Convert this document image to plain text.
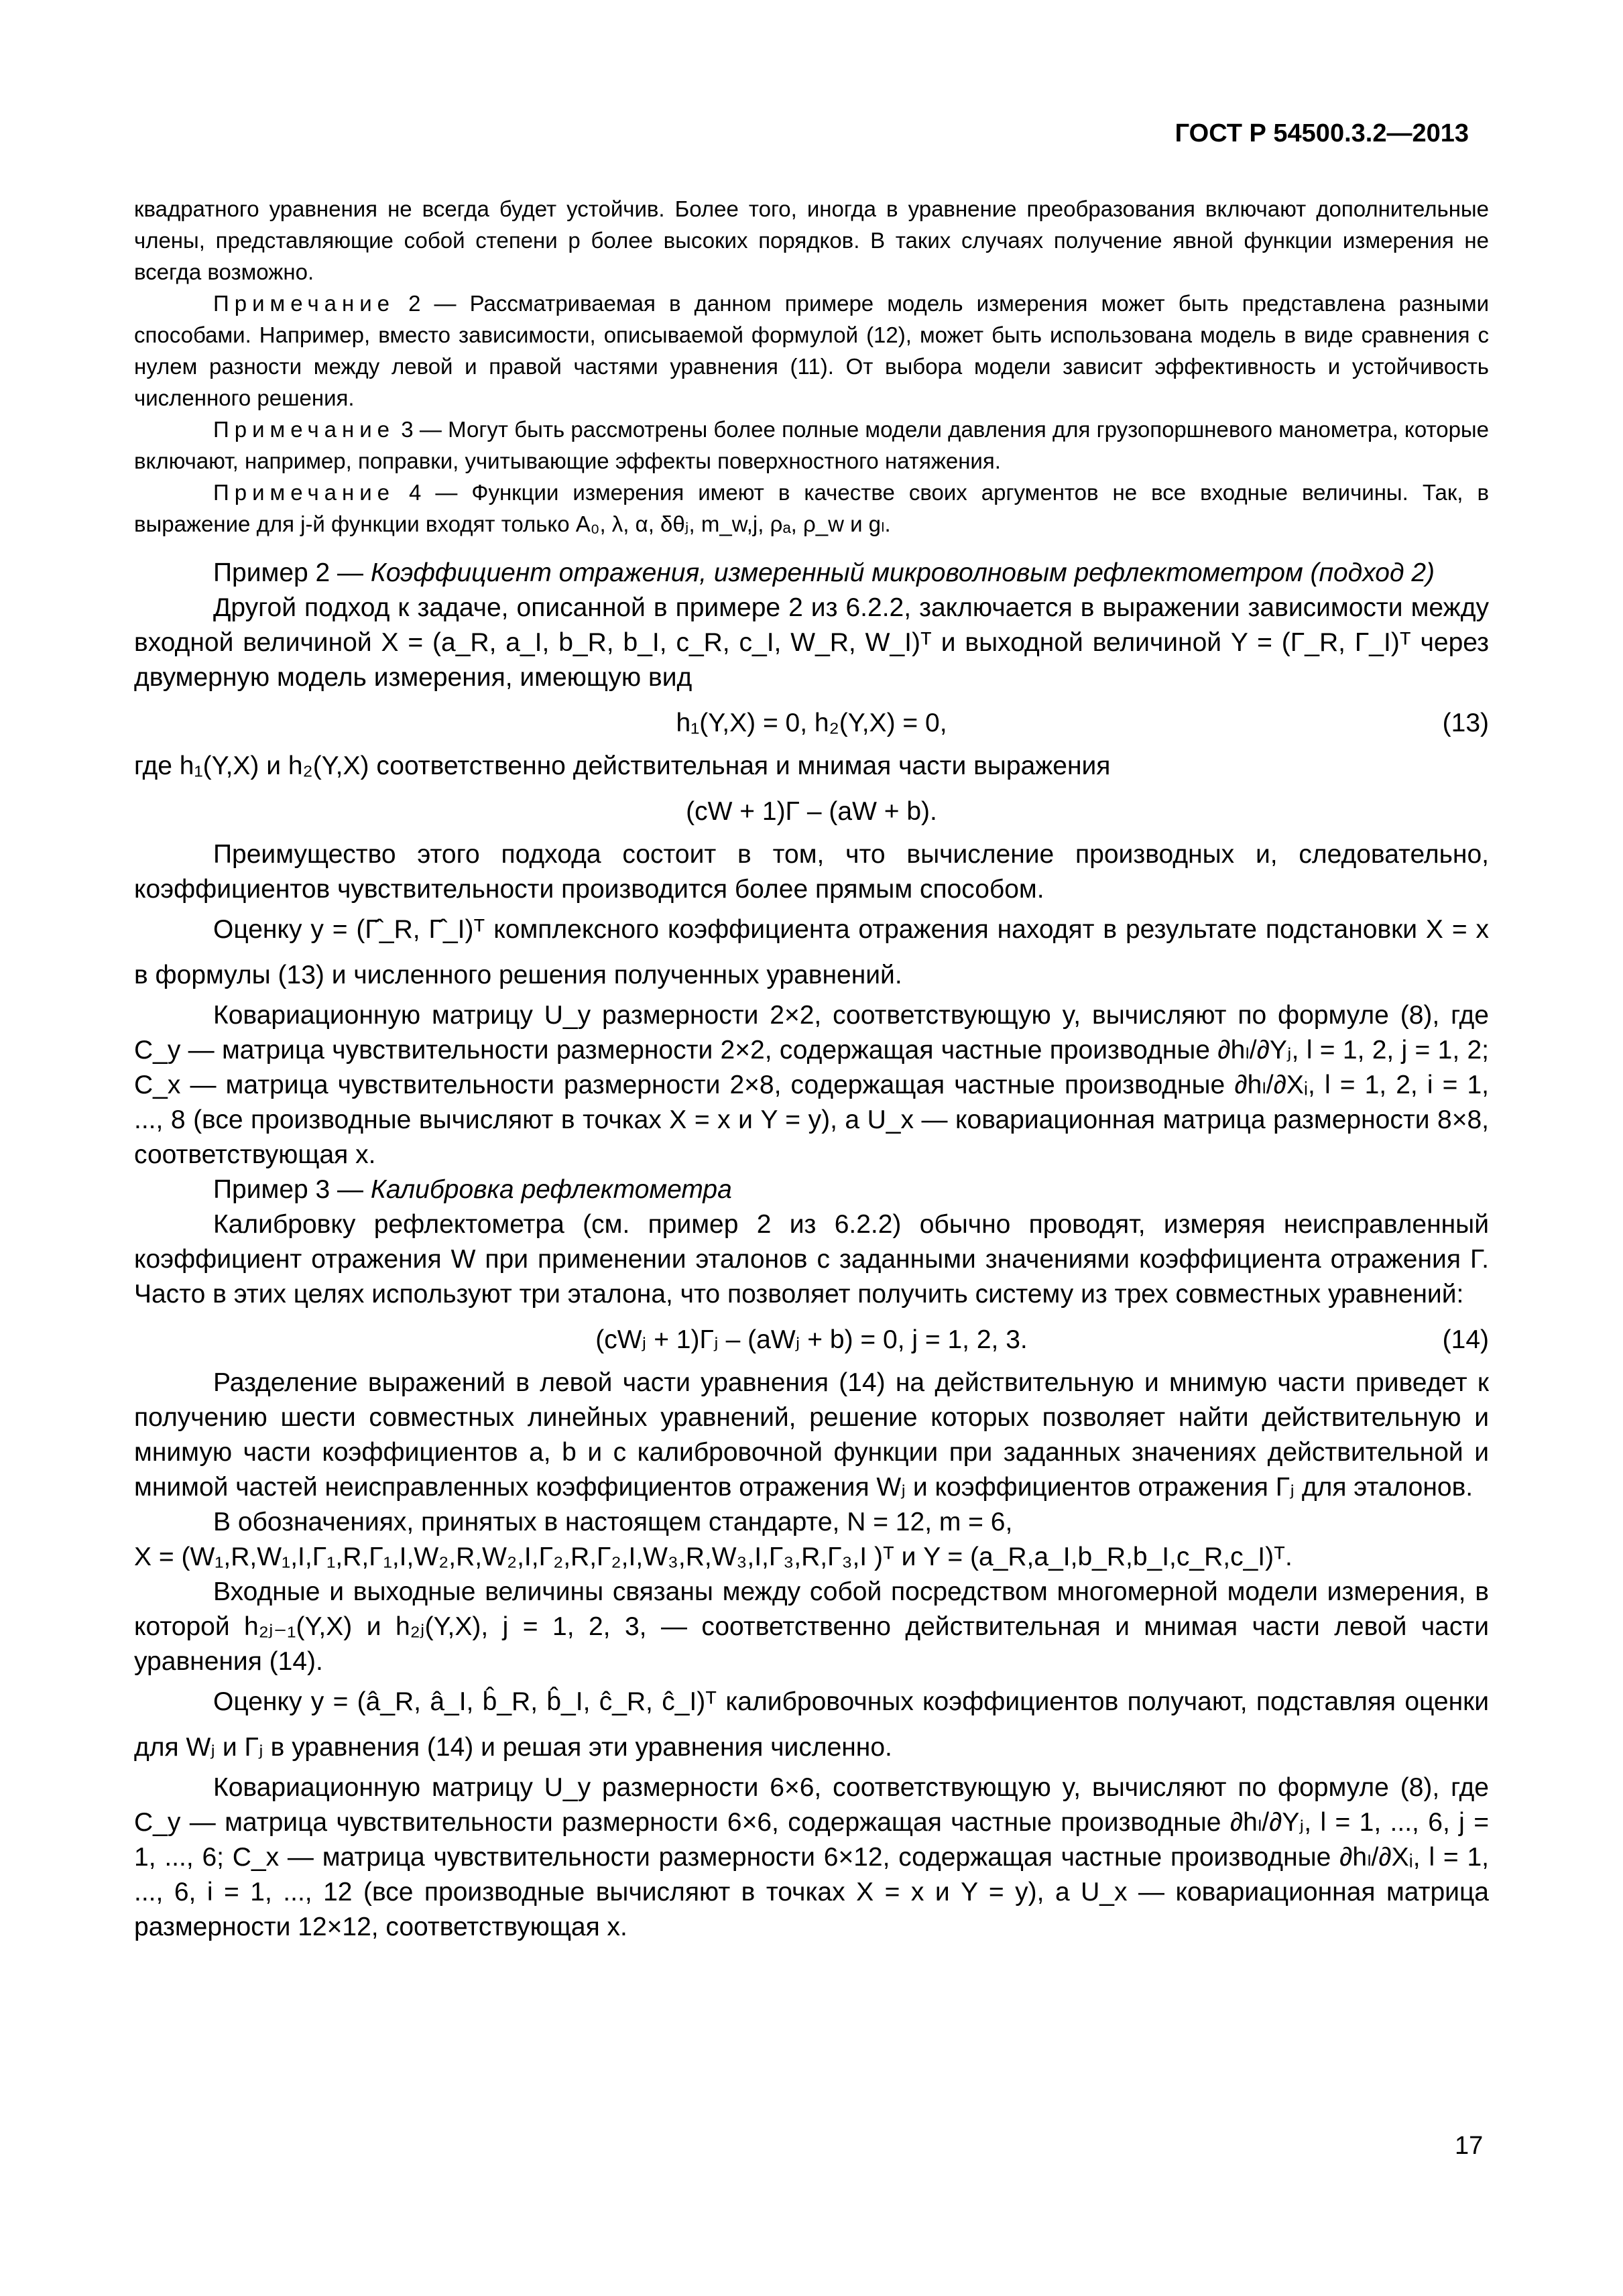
ГОСТ Р 54500.3.2—2013

квадратного уравнения не всегда будет устойчив. Более того, иногда в уравнение преобразования включают дополнительные члены, представляющие собой степени p более высоких порядков. В таких случаях получение явной функции измерения не всегда возможно.

Примечание 2 — Рассматриваемая в данном примере модель измерения может быть представлена разными способами. Например, вместо зависимости, описываемой формулой (12), может быть использована модель в виде сравнения с нулем разности между левой и правой частями уравнения (11). От выбора модели зависит эффективность и устойчивость численного решения.

Примечание 3 — Могут быть рассмотрены более полные модели давления для грузопоршневого манометра, которые включают, например, поправки, учитывающие эффекты поверхностного натяжения.

Примечание 4 — Функции измерения имеют в качестве своих аргументов не все входные величины. Так, в выражение для j-й функции входят только A₀, λ, α, δθⱼ, m_w,j, ρₐ, ρ_w и gₗ.

Пример 2 — Коэффициент отражения, измеренный микроволновым рефлектометром (подход 2)

Другой подход к задаче, описанной в примере 2 из 6.2.2, заключается в выражении зависимости между входной величиной X = (a_R, a_I, b_R, b_I, c_R, c_I, W_R, W_I)ᵀ и выходной величиной Y = (Γ_R, Γ_I)ᵀ через двумерную модель измерения, имеющую вид

h₁(Y,X) = 0, h₂(Y,X) = 0,	(13)

где h₁(Y,X) и h₂(Y,X) соответственно действительная и мнимая части выражения

(cW + 1)Γ – (aW + b).

Преимущество этого подхода состоит в том, что вычисление производных и, следовательно, коэффициентов чувствительности производится более прямым способом.

Оценку y = (Γ̂_R, Γ̂_I)ᵀ комплексного коэффициента отражения находят в результате подстановки X = x в формулы (13) и численного решения полученных уравнений.

Ковариационную матрицу U_y размерности 2×2, соответствующую y, вычисляют по формуле (8), где C_y — матрица чувствительности размерности 2×2, содержащая частные производные ∂hₗ/∂Yⱼ, l = 1, 2, j = 1, 2; C_x — матрица чувствительности размерности 2×8, содержащая частные производные ∂hₗ/∂Xᵢ, l = 1, 2, i = 1, ..., 8 (все производные вычисляют в точках X = x и Y = y), а U_x — ковариационная матрица размерности 8×8, соответствующая x.

Пример 3 — Калибровка рефлектометра

Калибровку рефлектометра (см. пример 2 из 6.2.2) обычно проводят, измеряя неисправленный коэффициент отражения W при применении эталонов с заданными значениями коэффициента отражения Γ. Часто в этих целях используют три эталона, что позволяет получить систему из трех совместных уравнений:

(cWⱼ + 1)Γⱼ – (aWⱼ + b) = 0, j = 1, 2, 3.	(14)

Разделение выражений в левой части уравнения (14) на действительную и мнимую части приведет к получению шести совместных линейных уравнений, решение которых позволяет найти действительную и мнимую части коэффициентов a, b и c калибровочной функции при заданных значениях действительной и мнимой частей неисправленных коэффициентов отражения Wⱼ и коэффициентов отражения Γⱼ для эталонов.

В обозначениях, принятых в настоящем стандарте, N = 12, m = 6,

X = (W₁,R,W₁,I,Γ₁,R,Γ₁,I,W₂,R,W₂,I,Γ₂,R,Γ₂,I,W₃,R,W₃,I,Γ₃,R,Γ₃,I )ᵀ и Y = (a_R,a_I,b_R,b_I,c_R,c_I)ᵀ.

Входные и выходные величины связаны между собой посредством многомерной модели измерения, в которой h₂ⱼ₋₁(Y,X) и h₂ⱼ(Y,X), j = 1, 2, 3, — соответственно действительная и мнимая части левой части уравнения (14).

Оценку y = (â_R, â_I, b̂_R, b̂_I, ĉ_R, ĉ_I)ᵀ калибровочных коэффициентов получают, подставляя оценки для Wⱼ и Γⱼ в уравнения (14) и решая эти уравнения численно.

Ковариационную матрицу U_y размерности 6×6, соответствующую y, вычисляют по формуле (8), где C_y — матрица чувствительности размерности 6×6, содержащая частные производные ∂hₗ/∂Yⱼ, l = 1, ..., 6, j = 1, ..., 6; C_x — матрица чувствительности размерности 6×12, содержащая частные производные ∂hₗ/∂Xᵢ, l = 1, ..., 6, i = 1, ..., 12 (все производные вычисляют в точках X = x и Y = y), а U_x — ковариационная матрица размерности 12×12, соответствующая x.

17
